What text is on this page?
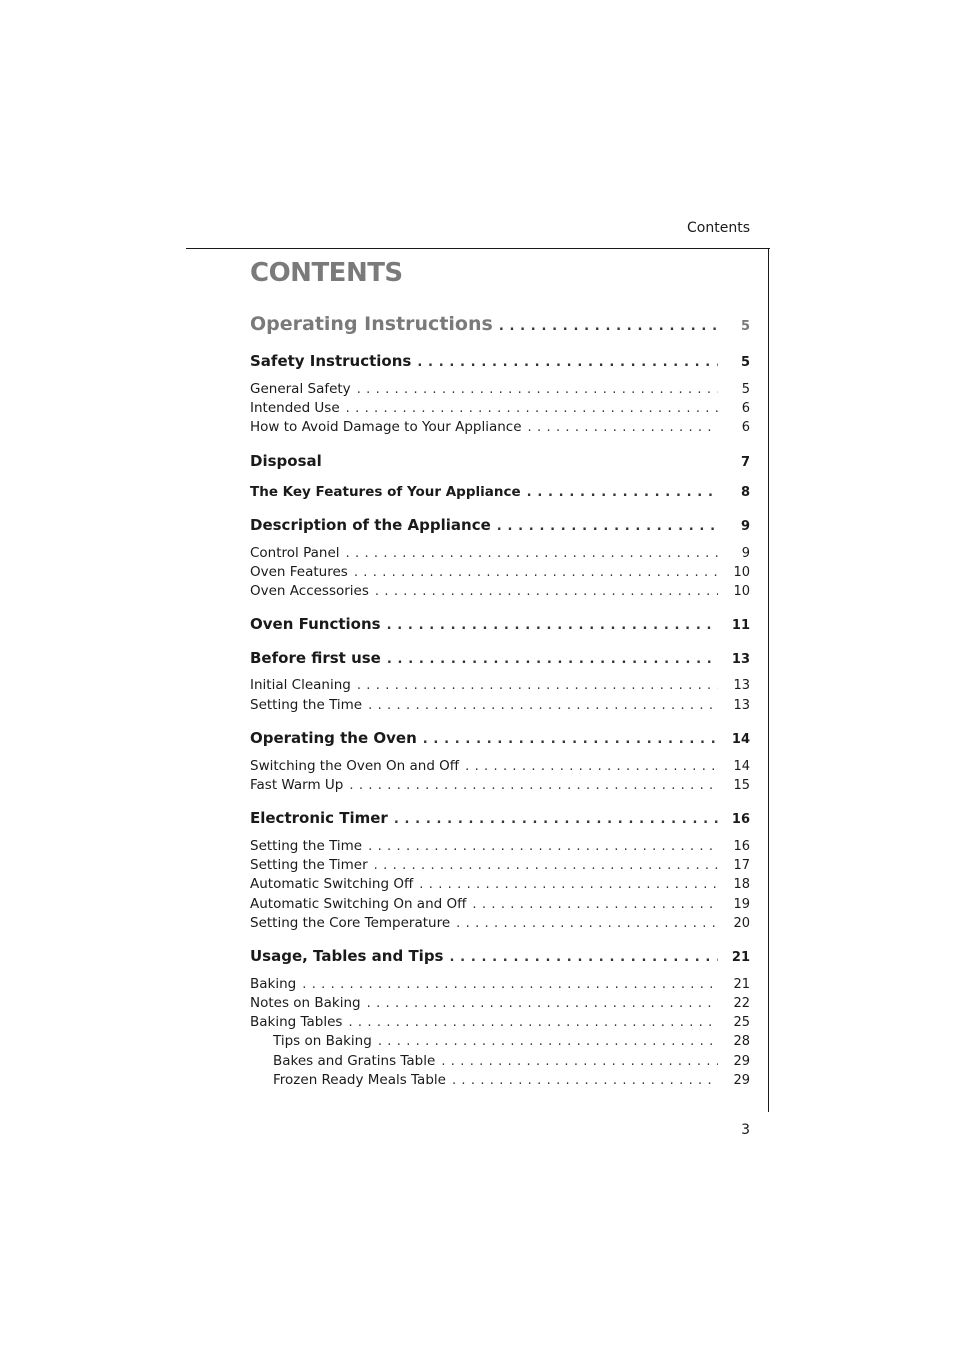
Contents
CONTENTS
Operating Instructions . . .	5
Safety Instructions . . .	5
General Safety . . .	5
Intended Use . . .	6
How to Avoid Damage to Your Appliance . . .	6
Disposal	7
The Key Features of Your Appliance . . .	8
Description of the Appliance . . .	9
Control Panel . . .	9
Oven Features . . .	10
Oven Accessories . . .	10
Oven Functions . . .	11
Before first use . . .	13
Initial Cleaning . . .	13
Setting the Time . . .	13
Operating the Oven . . .	14
Switching the Oven On and Off . . .	14
Fast Warm Up . . .	15
Electronic Timer . . .	16
Setting the Time . . .	16
Setting the Timer . . .	17
Automatic Switching Off . . .	18
Automatic Switching On and Off . . .	19
Setting the Core Temperature . . .	20
Usage, Tables and Tips . . .	21
Baking . . .	21
Notes on Baking . . .	22
Baking Tables . . .	25
Tips on Baking . . .	28
Bakes and Gratins Table . . .	29
Frozen Ready Meals Table . . .	29
3
